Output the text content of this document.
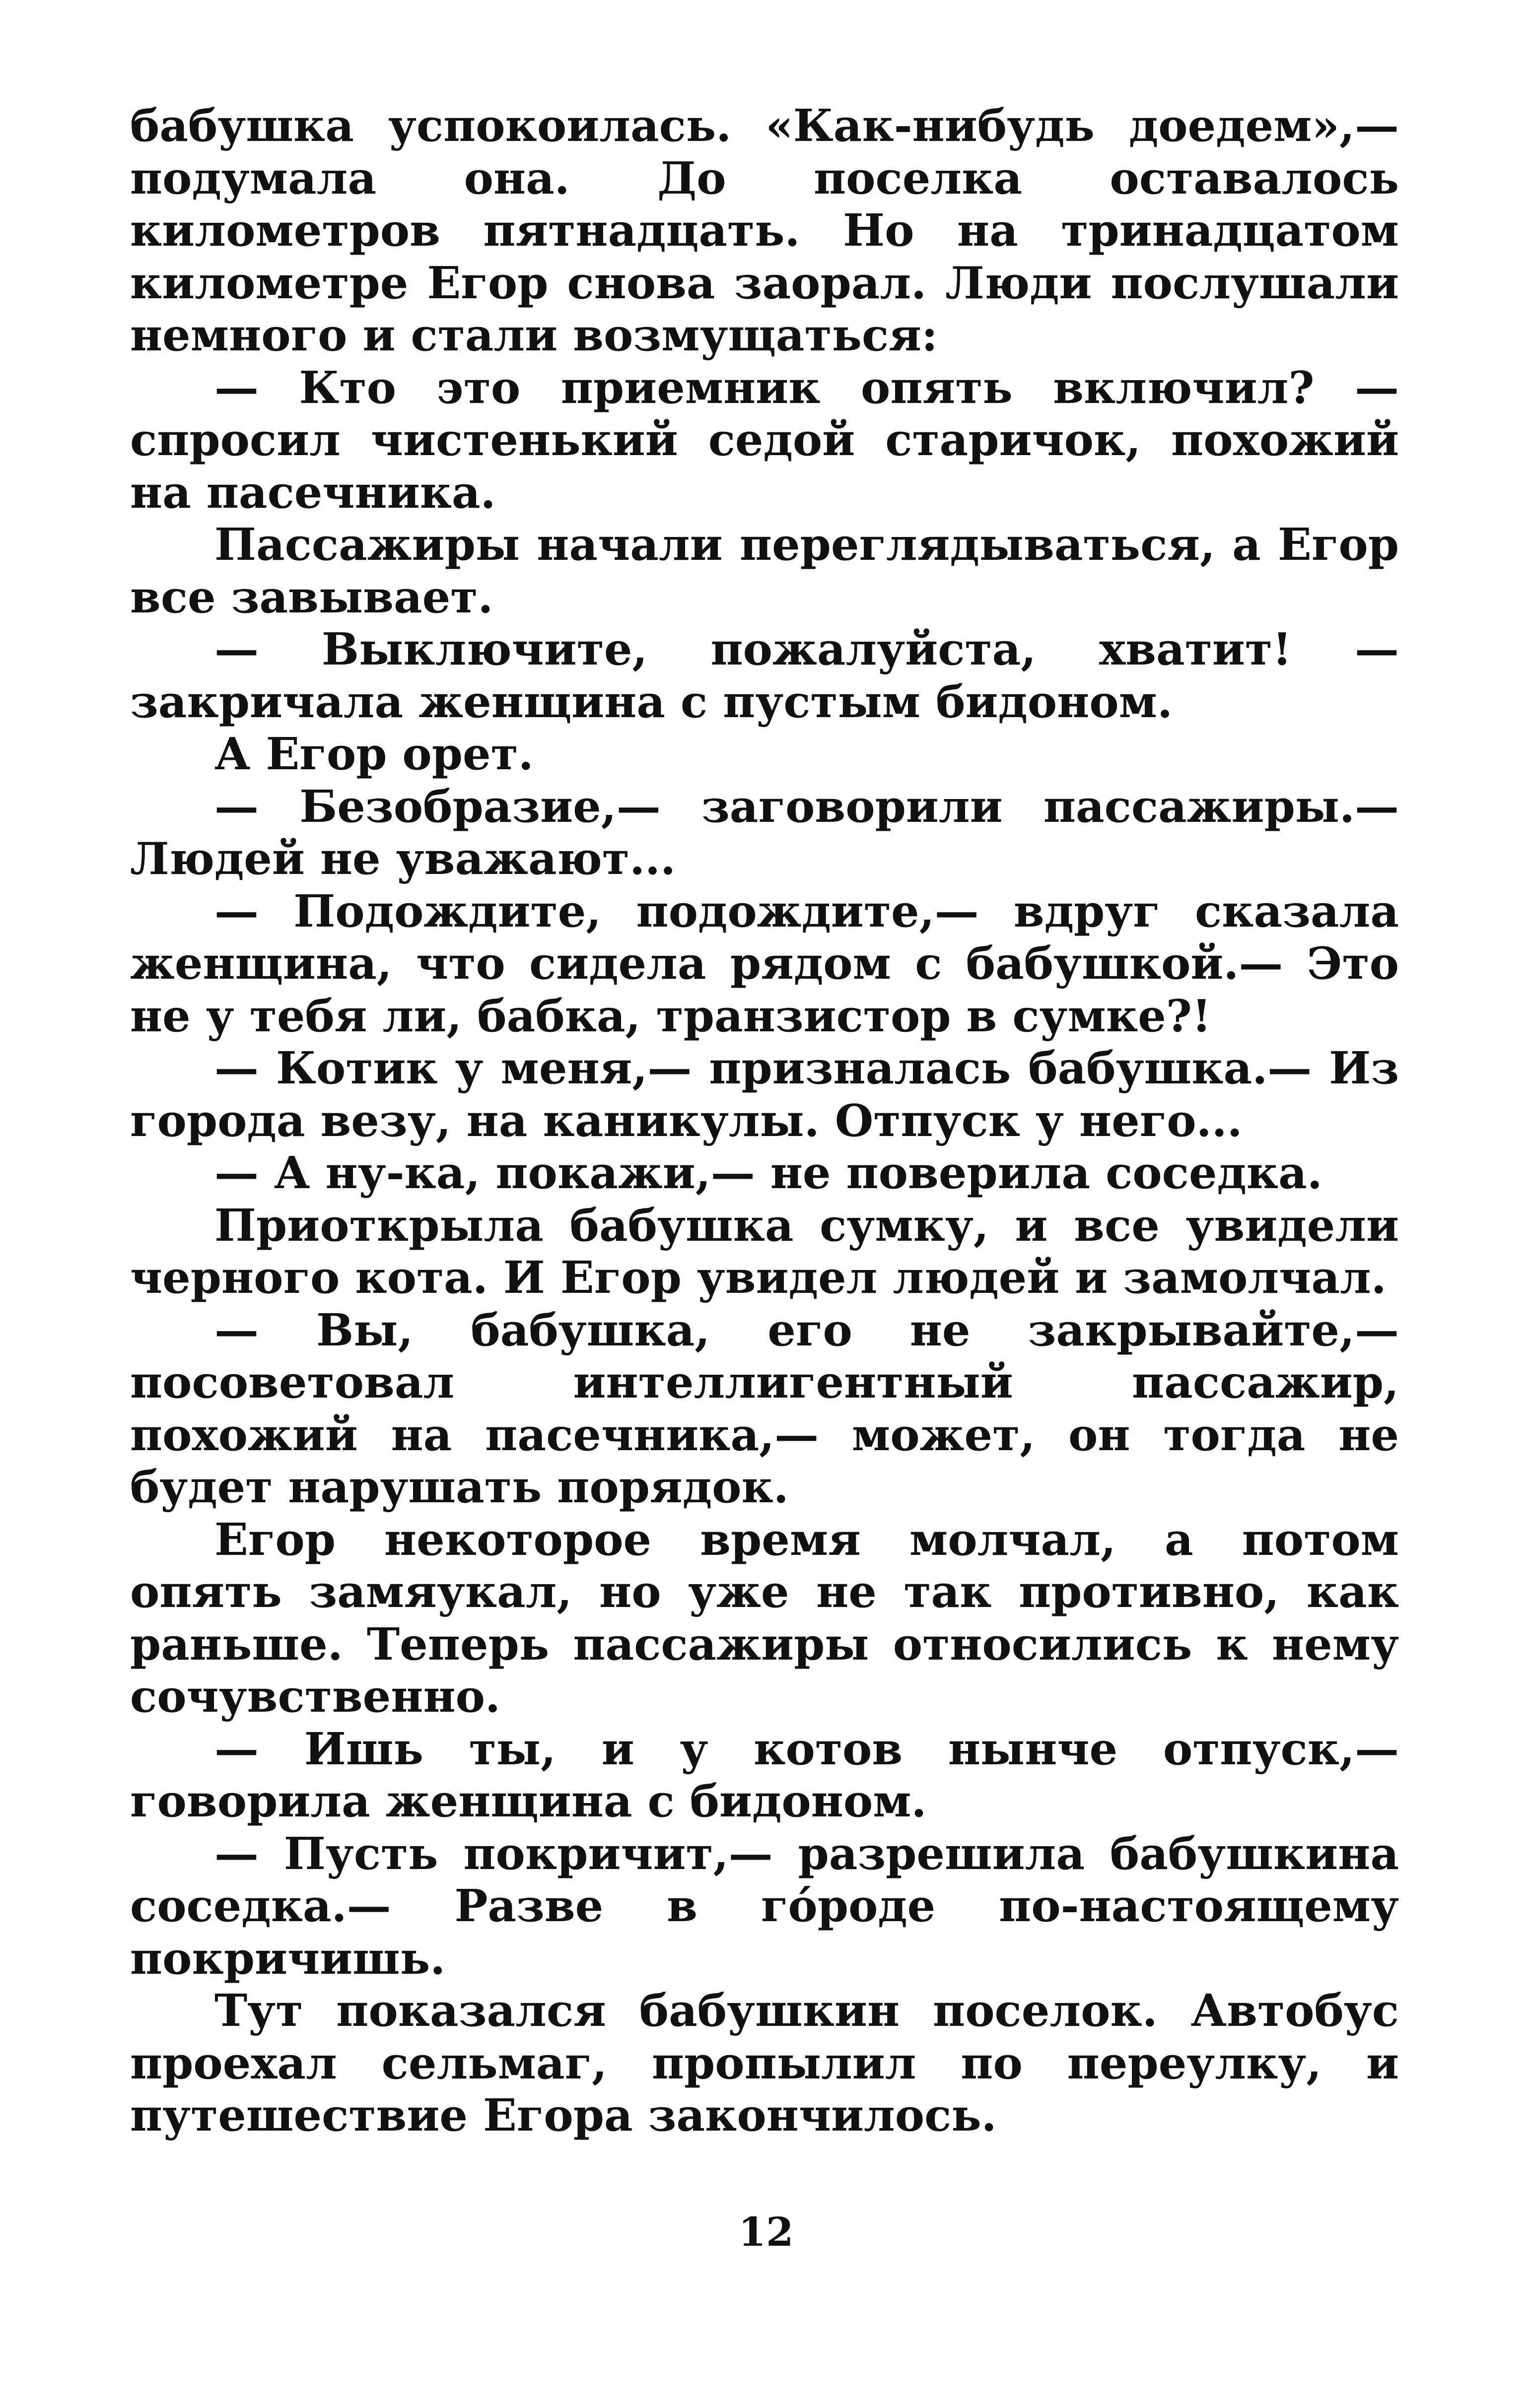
бабушка успокоилась. «Как-нибудь доедем»,— подумала она. До поселка оставалось километров пятнадцать. Но на тринадцатом километре Егор снова заорал. Люди послушали немного и стали возмущаться:

— Кто это приемник опять включил? — спросил чистенький седой старичок, похожий на пасечника.

Пассажиры начали переглядываться, а Егор все завывает.

— Выключите, пожалуйста, хватит! — закричала женщина с пустым бидоном.

А Егор орет.

— Безобразие,— заговорили пассажиры.— Людей не уважают...

— Подождите, подождите,— вдруг сказала женщина, что сидела рядом с бабушкой.— Это не у тебя ли, бабка, транзистор в сумке?!

— Котик у меня,— призналась бабушка.— Из города везу, на каникулы. Отпуск у него...

— А ну-ка, покажи,— не поверила соседка.

Приоткрыла бабушка сумку, и все увидели черного кота. И Егор увидел людей и замолчал.

— Вы, бабушка, его не закрывайте,— посоветовал интеллигентный пассажир, похожий на пасечника,— может, он тогда не будет нарушать порядок.

Егор некоторое время молчал, а потом опять замяукал, но уже не так противно, как раньше. Теперь пассажиры относились к нему сочувственно.

— Ишь ты, и у котов нынче отпуск,— говорила женщина с бидоном.

— Пусть покричит,— разрешила бабушкина соседка.— Разве в гóроде по-настоящему покричишь.

Тут показался бабушкин поселок. Автобус проехал сельмаг, пропылил по переулку, и путешествие Егора закончилось.

12
